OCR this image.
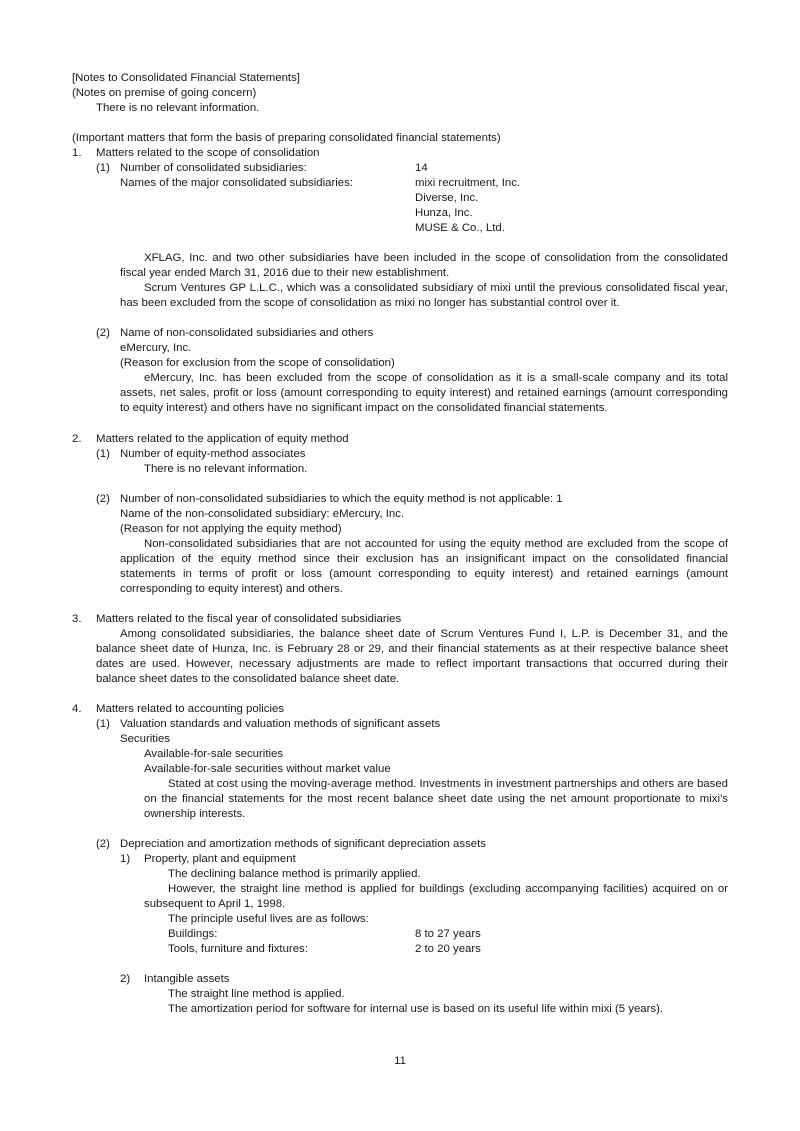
[Notes to Consolidated Financial Statements]
(Notes on premise of going concern)
There is no relevant information.
(Important matters that form the basis of preparing consolidated financial statements)
1. Matters related to the scope of consolidation
(1) Number of consolidated subsidiaries:	14
Names of the major consolidated subsidiaries:	mixi recruitment, Inc.
Diverse, Inc.
Hunza, Inc.
MUSE & Co., Ltd.
XFLAG, Inc. and two other subsidiaries have been included in the scope of consolidation from the consolidated fiscal year ended March 31, 2016 due to their new establishment.
Scrum Ventures GP L.L.C., which was a consolidated subsidiary of mixi until the previous consolidated fiscal year, has been excluded from the scope of consolidation as mixi no longer has substantial control over it.
(2) Name of non-consolidated subsidiaries and others
eMercury, Inc.
(Reason for exclusion from the scope of consolidation)
eMercury, Inc. has been excluded from the scope of consolidation as it is a small-scale company and its total assets, net sales, profit or loss (amount corresponding to equity interest) and retained earnings (amount corresponding to equity interest) and others have no significant impact on the consolidated financial statements.
2. Matters related to the application of equity method
(1) Number of equity-method associates
There is no relevant information.
(2) Number of non-consolidated subsidiaries to which the equity method is not applicable: 1
Name of the non-consolidated subsidiary: eMercury, Inc.
(Reason for not applying the equity method)
Non-consolidated subsidiaries that are not accounted for using the equity method are excluded from the scope of application of the equity method since their exclusion has an insignificant impact on the consolidated financial statements in terms of profit or loss (amount corresponding to equity interest) and retained earnings (amount corresponding to equity interest) and others.
3. Matters related to the fiscal year of consolidated subsidiaries
Among consolidated subsidiaries, the balance sheet date of Scrum Ventures Fund I, L.P. is December 31, and the balance sheet date of Hunza, Inc. is February 28 or 29, and their financial statements as at their respective balance sheet dates are used. However, necessary adjustments are made to reflect important transactions that occurred during their balance sheet dates to the consolidated balance sheet date.
4. Matters related to accounting policies
(1) Valuation standards and valuation methods of significant assets
Securities
Available-for-sale securities
Available-for-sale securities without market value
Stated at cost using the moving-average method. Investments in investment partnerships and others are based on the financial statements for the most recent balance sheet date using the net amount proportionate to mixi’s ownership interests.
(2) Depreciation and amortization methods of significant depreciation assets
1) Property, plant and equipment
The declining balance method is primarily applied.
However, the straight line method is applied for buildings (excluding accompanying facilities) acquired on or subsequent to April 1, 1998.
The principle useful lives are as follows:
Buildings:	8 to 27 years
Tools, furniture and fixtures:	2 to 20 years
2) Intangible assets
The straight line method is applied.
The amortization period for software for internal use is based on its useful life within mixi (5 years).
11
